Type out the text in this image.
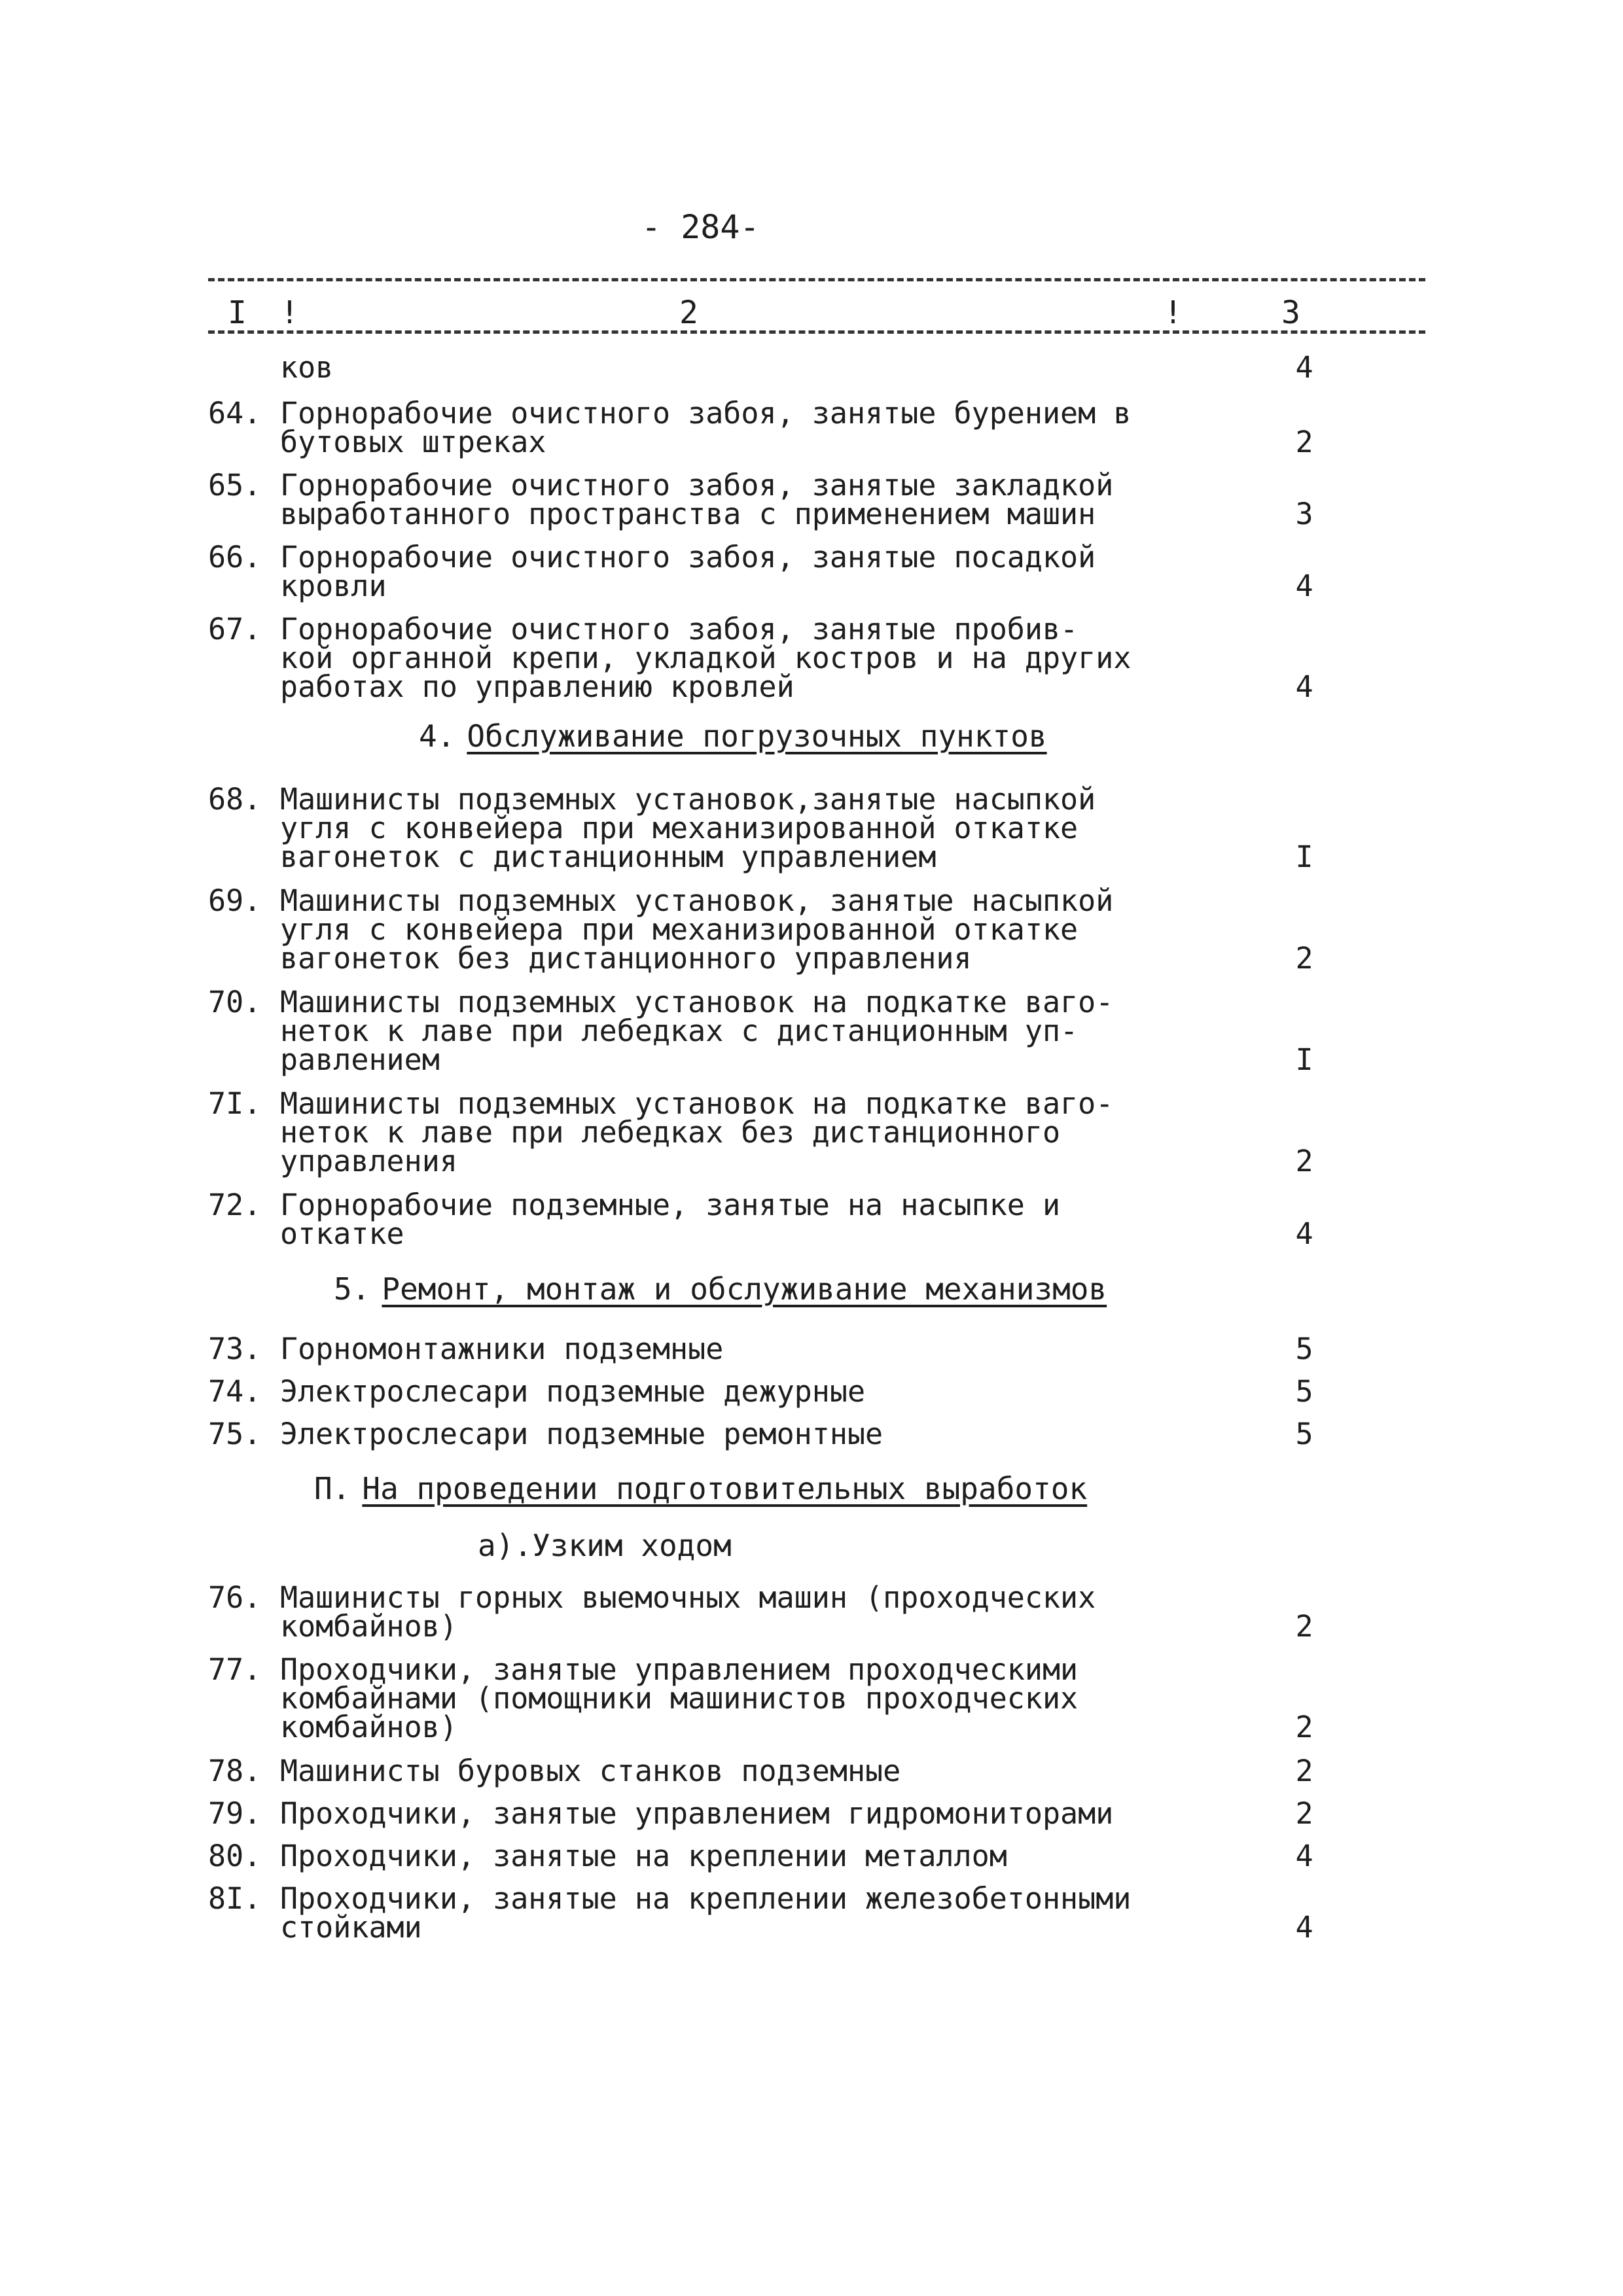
- 284-
I !	2	!	3
ков	4
64. Горнорабочие очистного забоя, занятые бурением в
бутовых штреках	2
65. Горнорабочие очистного забоя, занятые закладкой
выработанного пространства с применением машин	3
66. Горнорабочие очистного забоя, занятые посадкой
кровли	4
67. Горнорабочие очистного забоя, занятые пробив-
кой органной крепи, укладкой костров и на других
работах по управлению кровлей	4
4. Обслуживание погрузочных пунктов
68. Машинисты подземных установок,занятые насыпкой
угля с конвейера при механизированной откатке
вагонеток с дистанционным управлением	I
69. Машинисты подземных установок, занятые насыпкой
угля с конвейера при механизированной откатке
вагонеток без дистанционного управления	2
70. Машинисты подземных установок на подкатке ваго-
неток к лаве при лебедках с дистанционным уп-
равлением	I
7I. Машинисты подземных установок на подкатке ваго-
неток к лаве при лебедках без дистанционного
управления	2
72. Горнорабочие подземные, занятые на насыпке и
откатке	4
5. Ремонт, монтаж и обслуживание механизмов
73. Горномонтажники подземные	5
74. Электрослесари подземные дежурные	5
75. Электрослесари подземные ремонтные	5
П. На проведении подготовительных выработок
а).Узким ходом
76. Машинисты горных выемочных машин (проходческих
комбайнов)	2
77. Проходчики, занятые управлением проходческими
комбайнами (помощники машинистов проходческих
комбайнов)	2
78. Машинисты буровых станков подземные	2
79. Проходчики, занятые управлением гидромониторами	2
80. Проходчики, занятые на креплении металлом	4
8I. Проходчики, занятые на креплении железобетонными
стойками	4
